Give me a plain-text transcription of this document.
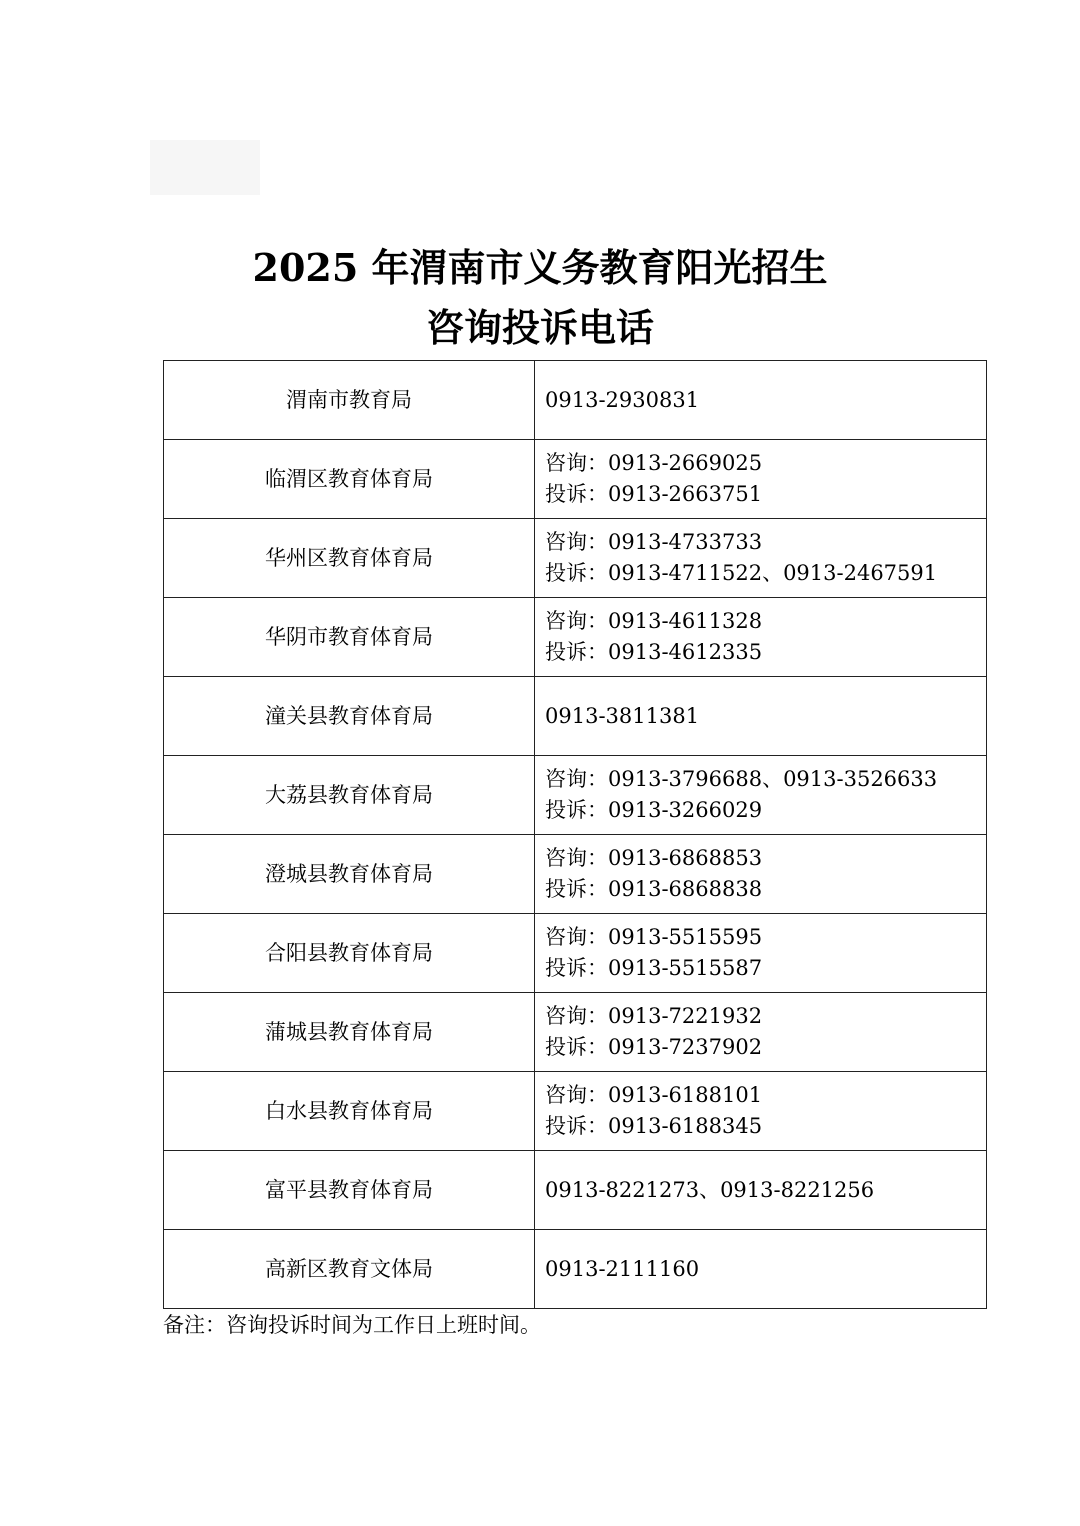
2025 年渭南市义务教育阳光招生
咨询投诉电话
渭南市教育局	0913-2930831

临渭区教育体育局	咨询：0913-2669025
投诉：0913-2663751

华州区教育体育局	咨询：0913-4733733
投诉：0913-4711522、0913-2467591

华阴市教育体育局	咨询：0913-4611328
投诉：0913-4612335

潼关县教育体育局	0913-3811381

大荔县教育体育局	咨询：0913-3796688、0913-3526633
投诉：0913-3266029

澄城县教育体育局	咨询：0913-6868853
投诉：0913-6868838

合阳县教育体育局	咨询：0913-5515595
投诉：0913-5515587

蒲城县教育体育局	咨询：0913-7221932
投诉：0913-7237902

白水县教育体育局	咨询：0913-6188101
投诉：0913-6188345

富平县教育体育局	0913-8221273、0913-8221256

高新区教育文体局	0913-2111160
备注：咨询投诉时间为工作日上班时间。
